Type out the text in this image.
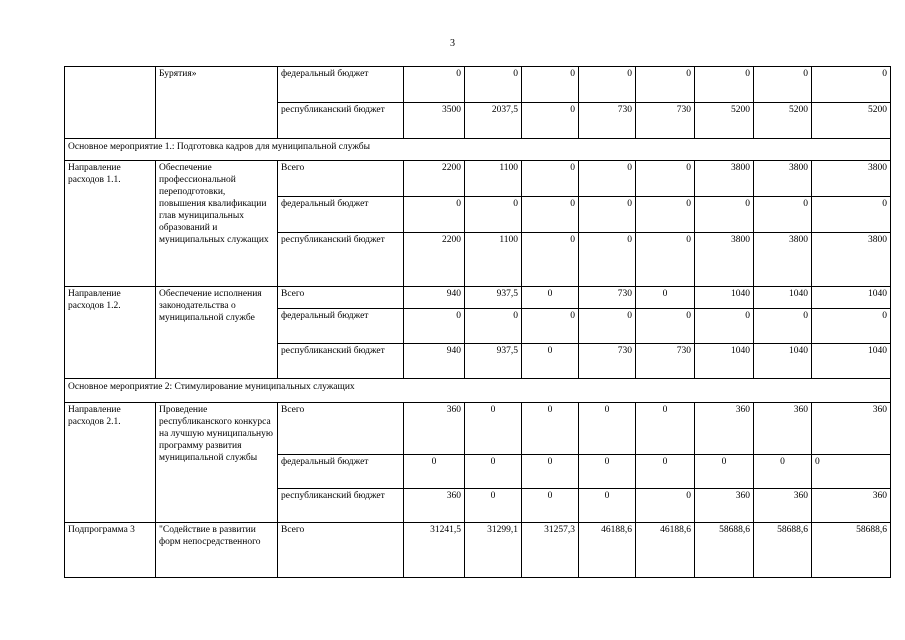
3
	Бурятия»	федеральный бюджет	0	0	0	0	0	0	0	0
		республиканский бюджет	3500	2037,5	0	730	730	5200	5200	5200
Основное мероприятие 1.: Подготовка кадров для муниципальной службы										
Направление расходов 1.1.	Обеспечение профессиональной переподготовки, повышения квалификации глав муниципальных образований и муниципальных служащих	Всего	2200	1100	0	0	0	3800	3800	3800
		федеральный бюджет	0	0	0	0	0	0	0	0
		республиканский бюджет	2200	1100	0	0	0	3800	3800	3800
Направление расходов 1.2.	Обеспечение исполнения законодательства о муниципальной службе	Всего	940	937,5	0	730	0	1040	1040	1040
		федеральный бюджет	0	0	0	0	0	0	0	0
		республиканский бюджет	940	937,5	0	730	730	1040	1040	1040
Основное мероприятие 2: Стимулирование муниципальных служащих										
Направление расходов 2.1.	Проведение республиканского конкурса на лучшую муниципальную программу развития муниципальной службы	Всего	360	0	0	0	0	360	360	360
		федеральный бюджет	0	0	0	0	0	0	0	0
		республиканский бюджет	360	0	0	0	0	360	360	360
Подпрограмма 3	"Содействие в развитии форм непосредственного	Всего	31241,5	31299,1	31257,3	46188,6	46188,6	58688,6	58688,6	58688,6
